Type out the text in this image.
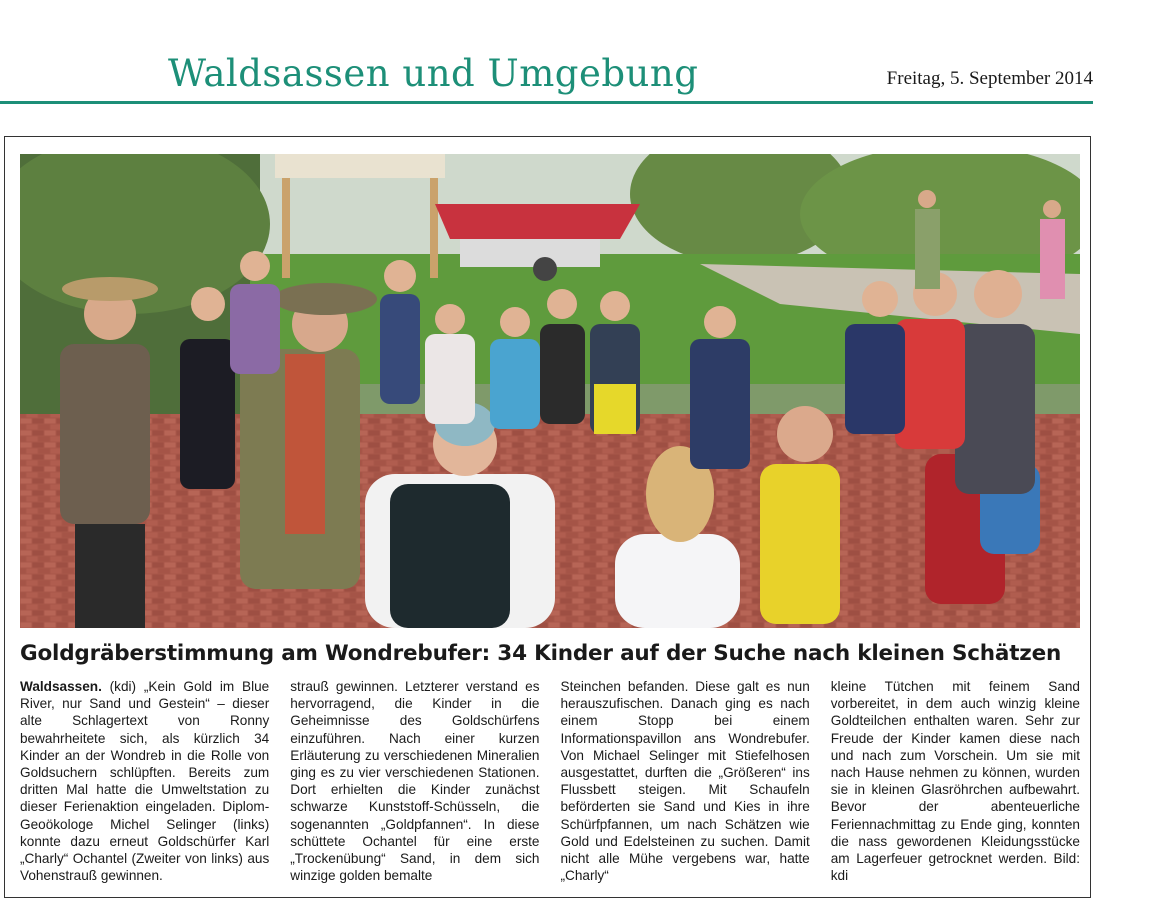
Waldsassen und Umgebung	Freitag, 5. September 2014
Goldgräberstimmung am Wondrebufer: 34 Kinder auf der Suche nach kleinen Schätzen

Waldsassen. (kdi) „Kein Gold im Blue River, nur Sand und Gestein“ – dieser alte Schlagertext von Ronny bewahrheitete sich, als kürzlich 34 Kinder an der Wondreb in die Rolle von Goldsuchern schlüpften. Bereits zum dritten Mal hatte die Umweltstation zu dieser Ferienaktion eingeladen. Diplom-Geoökologe Michel Selinger (links) konnte dazu erneut Goldschürfer Karl „Charly“ Ochantel (Zweiter von links) aus Vohenstrauß gewinnen.

strauß gewinnen. Letzterer verstand es hervorragend, die Kinder in die Geheimnisse des Goldschürfens einzuführen. Nach einer kurzen Erläuterung zu verschiedenen Mineralien ging es zu vier verschiedenen Stationen. Dort erhielten die Kinder zunächst schwarze Kunststoff-Schüsseln, die sogenannten „Goldpfannen“. In diese schüttete Ochantel für eine erste „Trockenübung“ Sand, in dem sich winzige golden bemalte

Steinchen befanden. Diese galt es nun herauszufischen. Danach ging es nach einem Stopp bei einem Informationspavillon ans Wondrebufer. Von Michael Selinger mit Stiefelhosen ausgestattet, durften die „Größeren“ ins Flussbett steigen. Mit Schaufeln beförderten sie Sand und Kies in ihre Schürfpfannen, um nach Schätzen wie Gold und Edelsteinen zu suchen. Damit nicht alle Mühe vergebens war, hatte „Charly“

kleine Tütchen mit feinem Sand vorbereitet, in dem auch winzig kleine Goldteilchen enthalten waren. Sehr zur Freude der Kinder kamen diese nach und nach zum Vorschein. Um sie mit nach Hause nehmen zu können, wurden sie in kleinen Glasröhrchen aufbewahrt. Bevor der abenteuerliche Feriennachmittag zu Ende ging, konnten die nass gewordenen Kleidungsstücke am Lagerfeuer getrocknet werden. Bild: kdi
